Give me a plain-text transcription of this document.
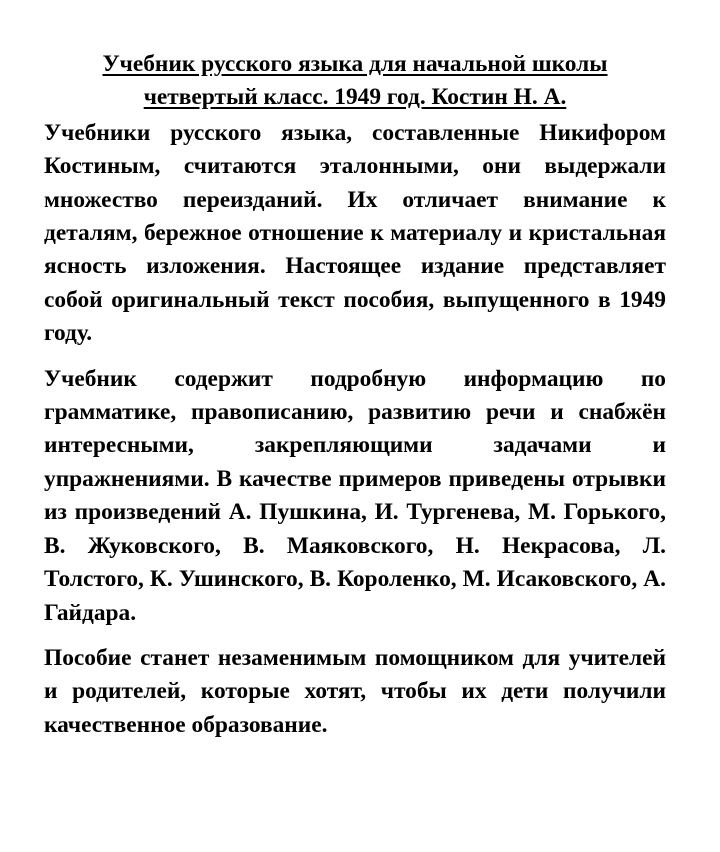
Учебник русского языка для начальной школы
четвертый класс. 1949 год. Костин Н. А.

Учебники русского языка, составленные Никифором Костиным, считаются эталонными, они выдержали множество переизданий. Их отличает внимание к деталям, бережное отношение к материалу и кристальная ясность изложения. Настоящее издание представляет собой оригинальный текст пособия, выпущенного в 1949 году.

Учебник содержит подробную информацию по грамматике, правописанию, развитию речи и снабжён интересными, закрепляющими задачами и упражнениями. В качестве примеров приведены отрывки из произведений А. Пушкина, И. Тургенева, М. Горького, В. Жуковского, В. Маяковского, Н. Некрасова, Л. Толстого, К. Ушинского, В. Короленко, М. Исаковского, А. Гайдара.

Пособие станет незаменимым помощником для учителей и родителей, которые хотят, чтобы их дети получили качественное образование.
